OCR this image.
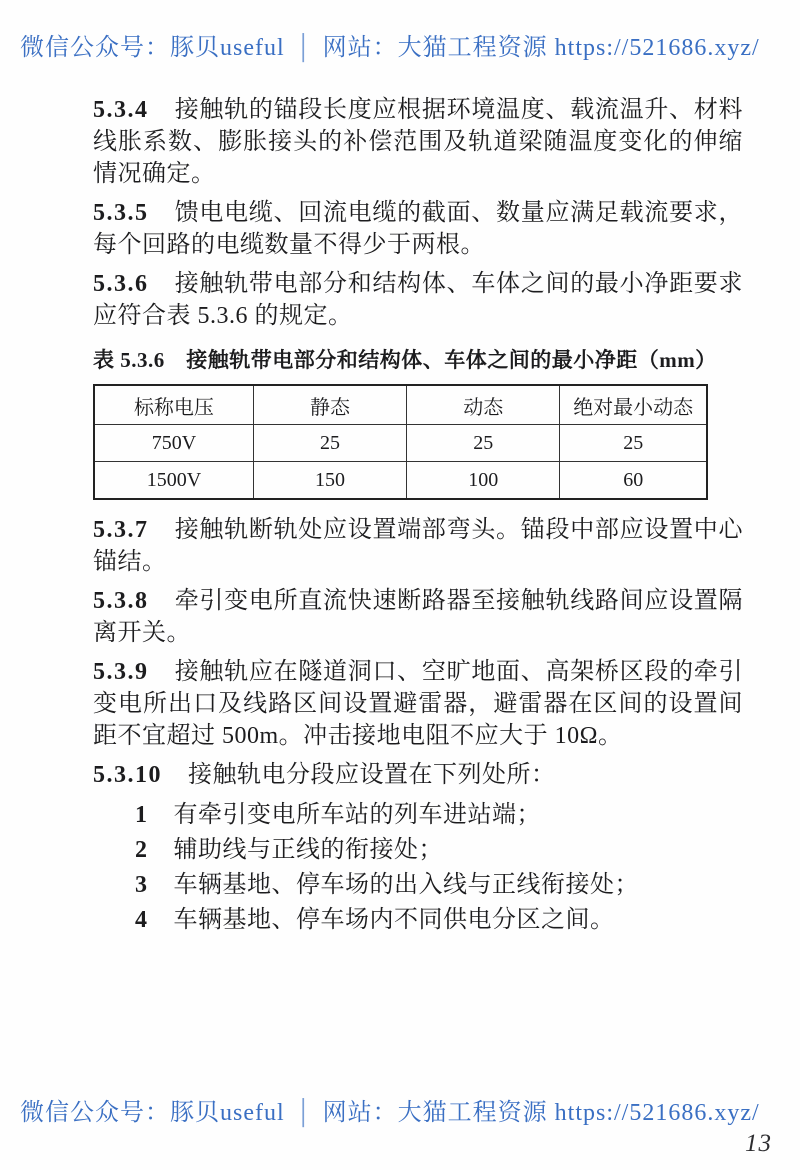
微信公众号：豚贝useful │ 网站：大猫工程资源 https://521686.xyz/

5.3.4 接触轨的锚段长度应根据环境温度、载流温升、材料线胀系数、膨胀接头的补偿范围及轨道梁随温度变化的伸缩情况确定。

5.3.5 馈电电缆、回流电缆的截面、数量应满足载流要求，每个回路的电缆数量不得少于两根。

5.3.6 接触轨带电部分和结构体、车体之间的最小净距要求应符合表 5.3.6 的规定。

表 5.3.6　接触轨带电部分和结构体、车体之间的最小净距（mm）
标称电压	静态	动态	绝对最小动态
750V	25	25	25
1500V	150	100	60

5.3.7 接触轨断轨处应设置端部弯头。锚段中部应设置中心锚结。

5.3.8 牵引变电所直流快速断路器至接触轨线路间应设置隔离开关。

5.3.9 接触轨应在隧道洞口、空旷地面、高架桥区段的牵引变电所出口及线路区间设置避雷器，避雷器在区间的设置间距不宜超过 500m。冲击接地电阻不应大于 10Ω。

5.3.10 接触轨电分段应设置在下列处所：

1 有牵引变电所车站的列车进站端；

2 辅助线与正线的衔接处；

3 车辆基地、停车场的出入线与正线衔接处；

4 车辆基地、停车场内不同供电分区之间。

微信公众号：豚贝useful │ 网站：大猫工程资源 https://521686.xyz/
13
